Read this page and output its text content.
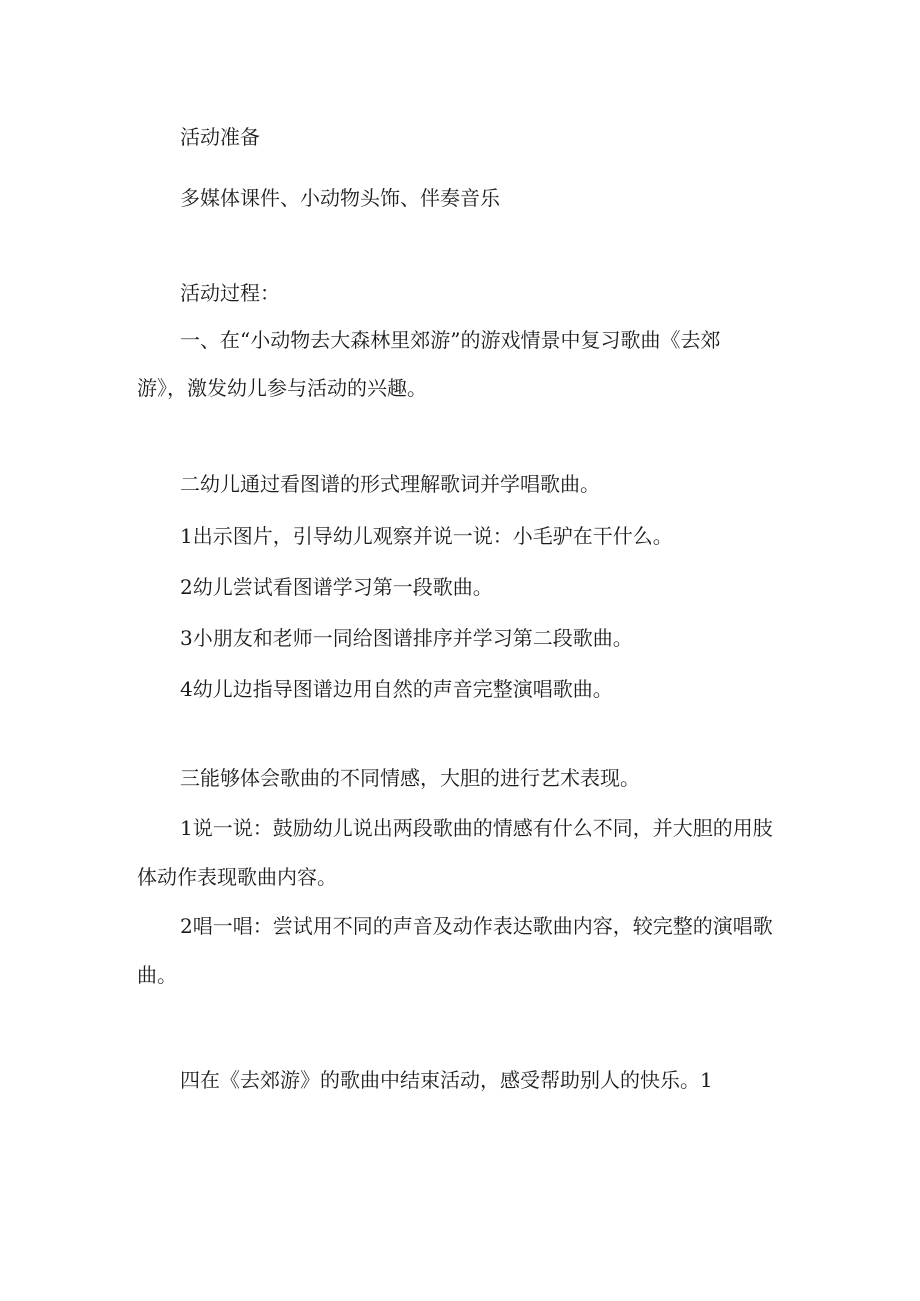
活动准备

多媒体课件、小动物头饰、伴奏音乐

活动过程：

一、在“小动物去大森林里郊游”的游戏情景中复习歌曲《去郊

游》，激发幼儿参与活动的兴趣。

二幼儿通过看图谱的形式理解歌词并学唱歌曲。

1出示图片，引导幼儿观察并说一说：小毛驴在干什么。

2幼儿尝试看图谱学习第一段歌曲。

3小朋友和老师一同给图谱排序并学习第二段歌曲。

4幼儿边指导图谱边用自然的声音完整演唱歌曲。

三能够体会歌曲的不同情感，大胆的进行艺术表现。

1说一说：鼓励幼儿说出两段歌曲的情感有什么不同，并大胆的用肢

体动作表现歌曲内容。

2唱一唱：尝试用不同的声音及动作表达歌曲内容，较完整的演唱歌

曲。

四在《去郊游》的歌曲中结束活动，感受帮助别人的快乐。1
